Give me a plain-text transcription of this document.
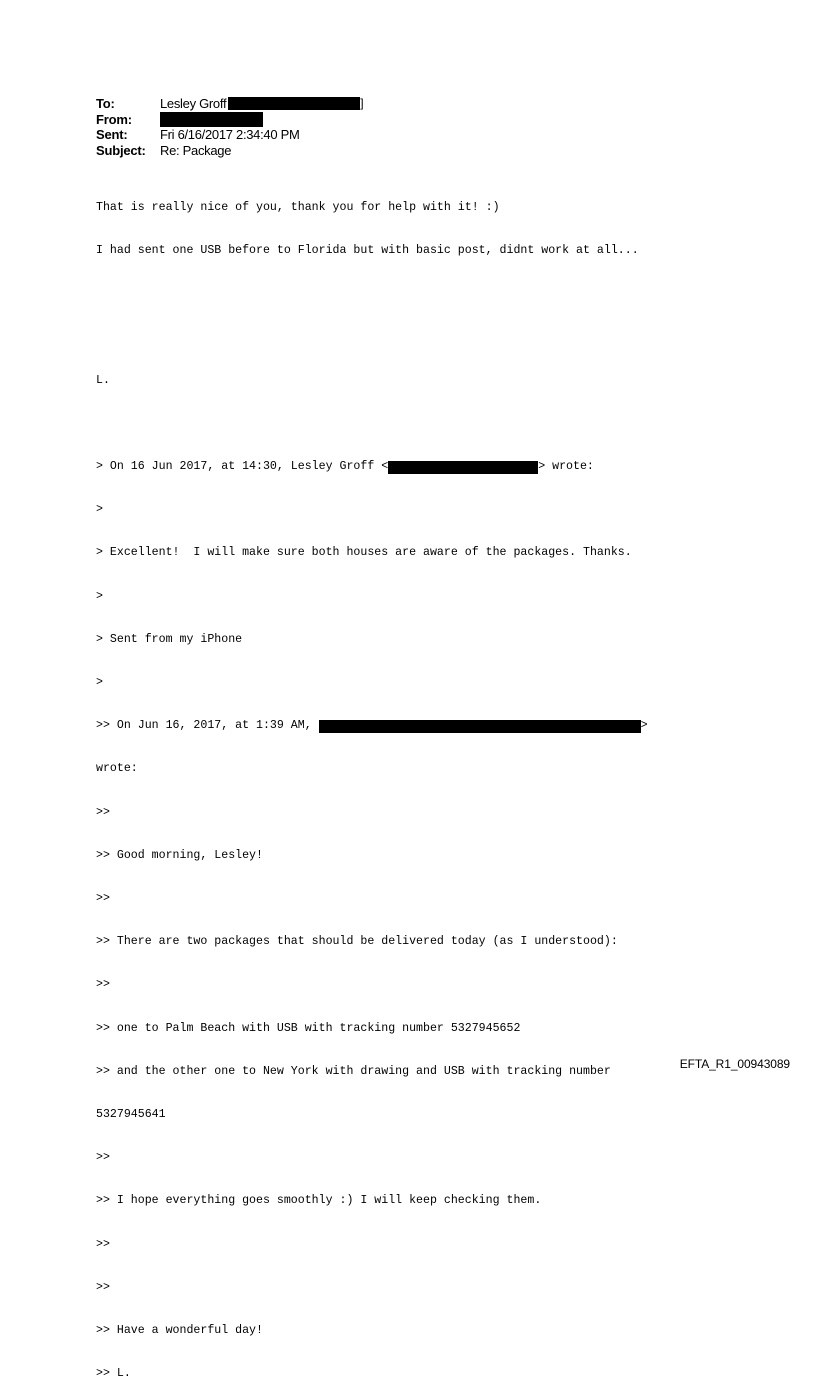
To:	Lesley Groff	]
From:
Sent:	Fri 6/16/2017 2:34:40 PM
Subject:	Re: Package

That is really nice of you, thank you for help with it! :)

I had sent one USB before to Florida but with basic post, didnt work at all...

L.

> On 16 Jun 2017, at 14:30, Lesley Groff <	> wrote:

>

> Excellent!  I will make sure both houses are aware of the packages. Thanks.

>

> Sent from my iPhone

>

>> On Jun 16, 2017, at 1:39 AM,	>

wrote:

>>

>> Good morning, Lesley!

>>

>> There are two packages that should be delivered today (as I understood):

>>

>> one to Palm Beach with USB with tracking number 5327945652

>> and the other one to New York with drawing and USB with tracking number

5327945641

>>

>> I hope everything goes smoothly :) I will keep checking them.

>>

>>

>> Have a wonderful day!

>> L.

EFTA_R1_00943089
